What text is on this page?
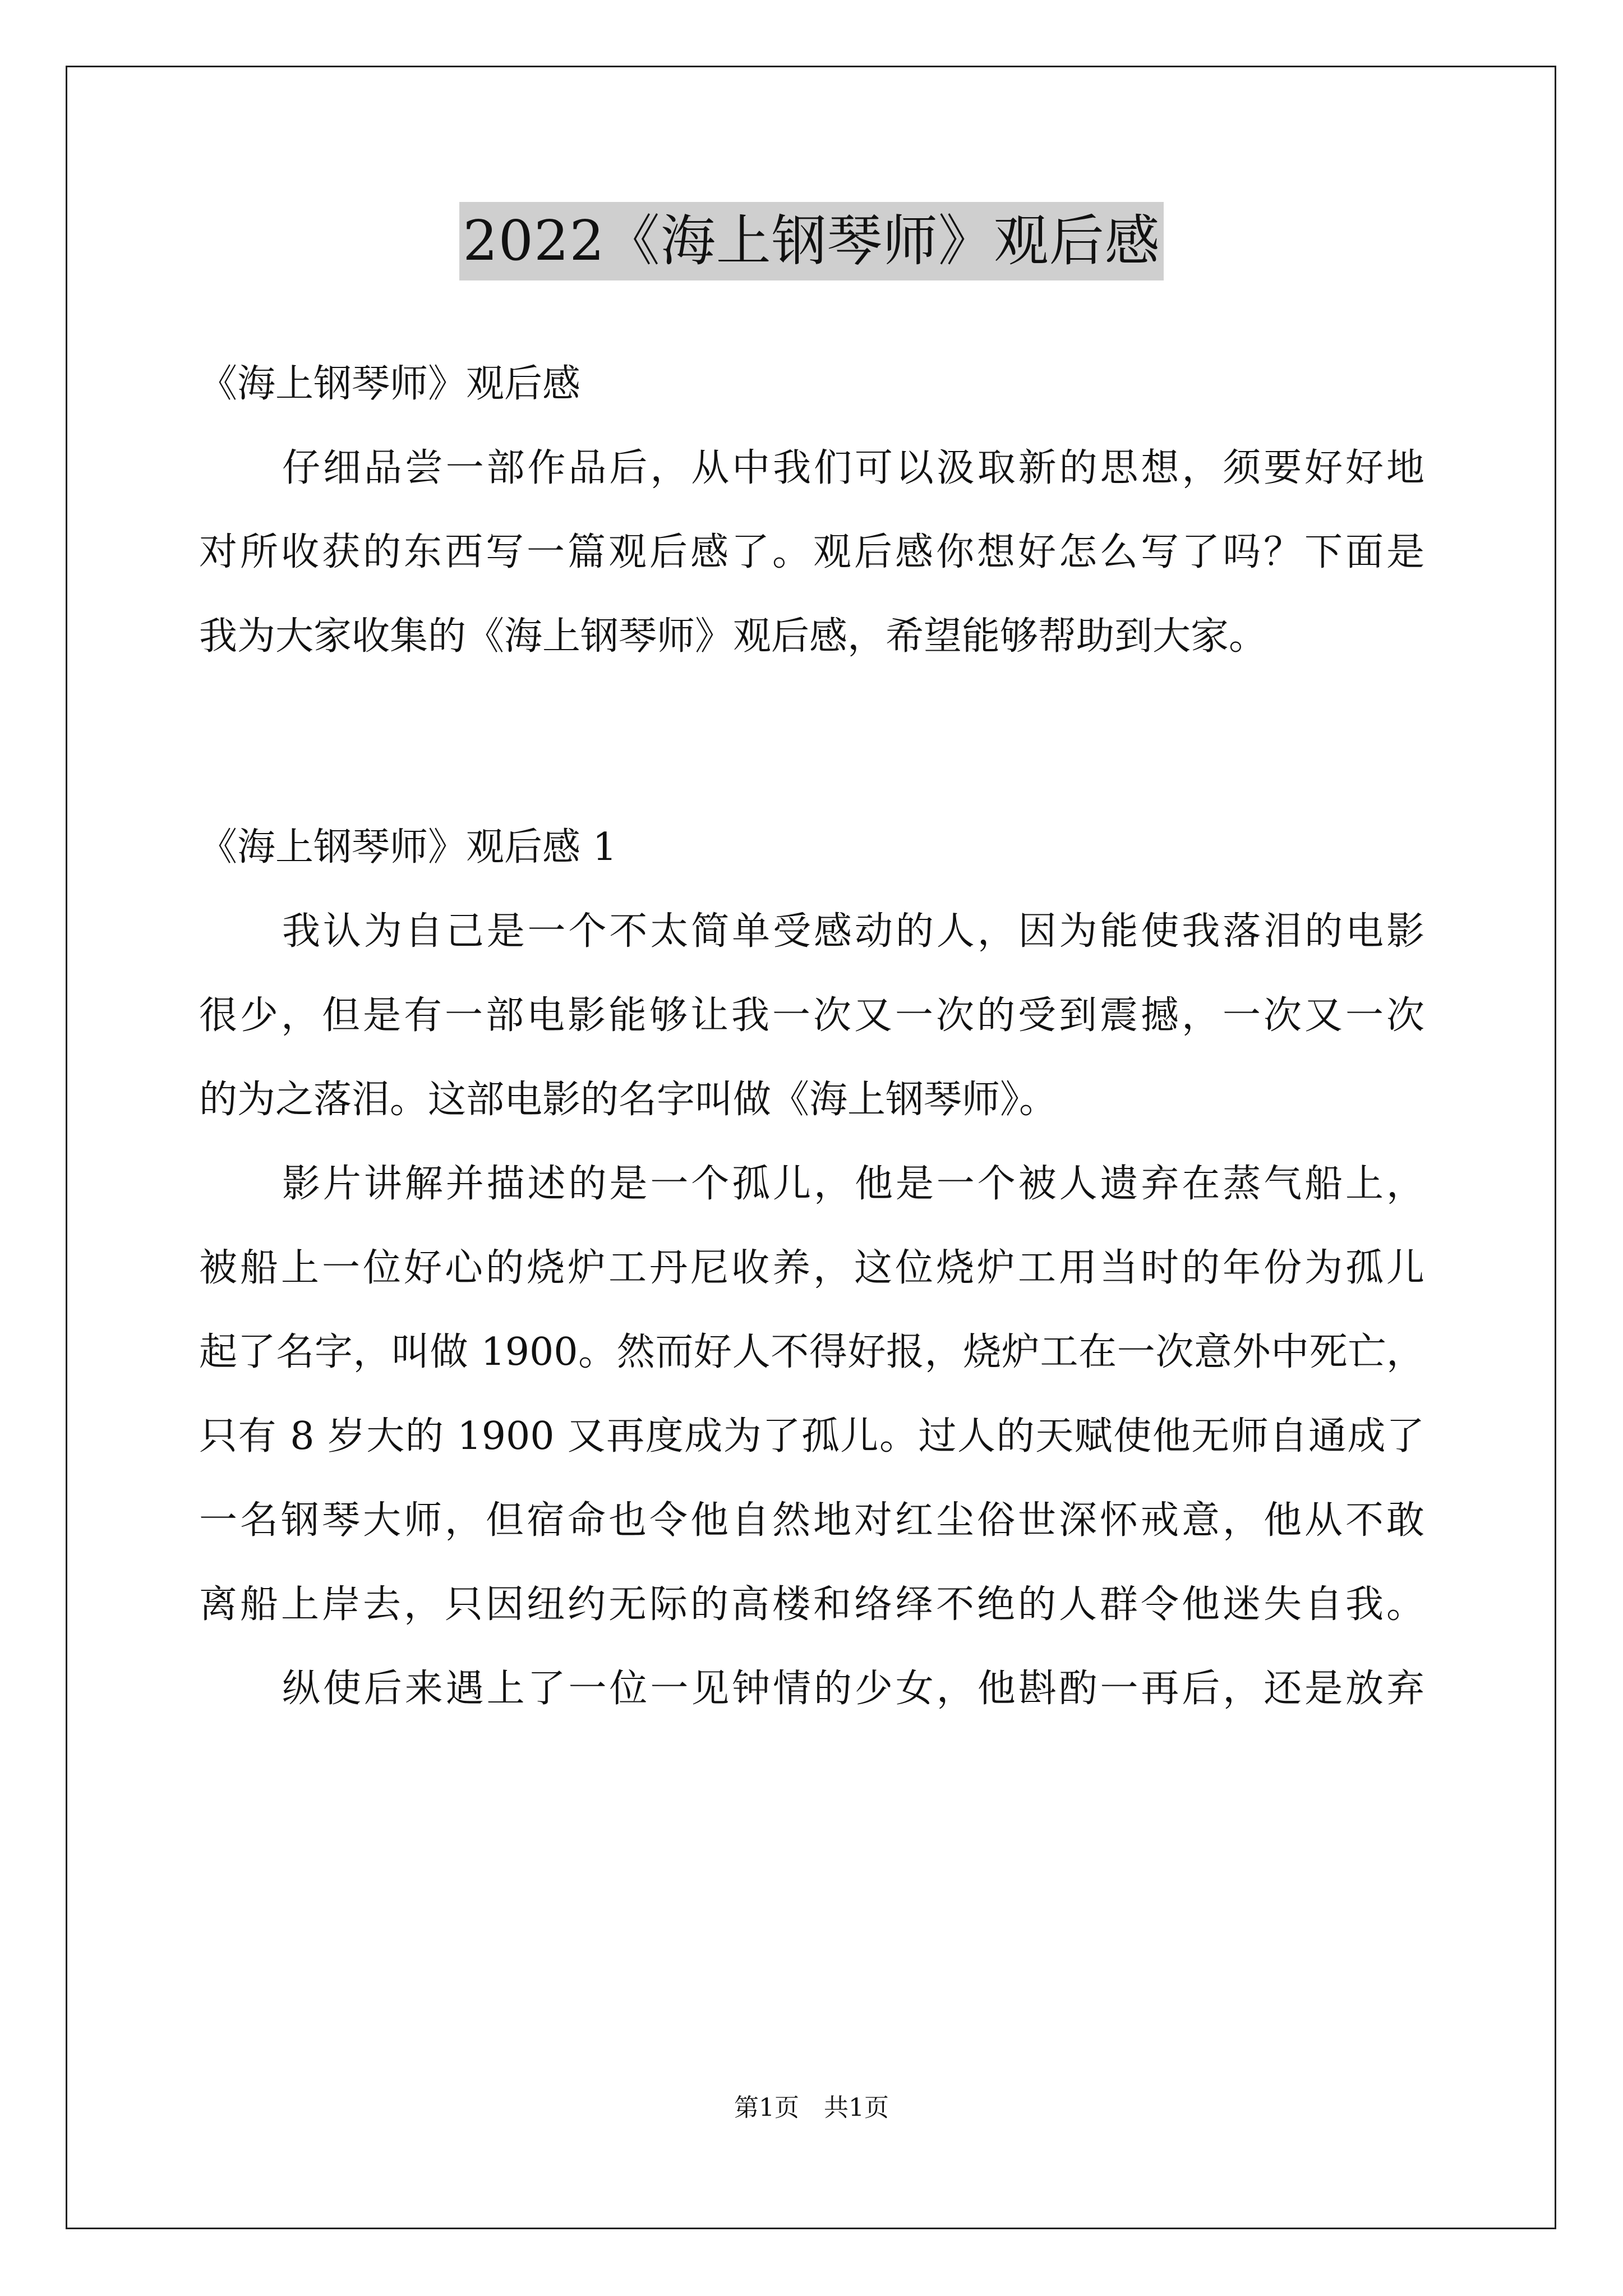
2022《海上钢琴师》观后感
《海上钢琴师》观后感
仔细品尝一部作品后，从中我们可以汲取新的思想，须要好好地
对所收获的东西写一篇观后感了。观后感你想好怎么写了吗？下面是
我为大家收集的《海上钢琴师》观后感，希望能够帮助到大家。
《海上钢琴师》观后感 1
我认为自己是一个不太简单受感动的人，因为能使我落泪的电影
很少，但是有一部电影能够让我一次又一次的受到震撼，一次又一次
的为之落泪。这部电影的名字叫做《海上钢琴师》。
影片讲解并描述的是一个孤儿，他是一个被人遗弃在蒸气船上，
被船上一位好心的烧炉工丹尼收养，这位烧炉工用当时的年份为孤儿
起了名字，叫做 1900。然而好人不得好报，烧炉工在一次意外中死亡，
只有 8 岁大的 1900 又再度成为了孤儿。过人的天赋使他无师自通成了
一名钢琴大师，但宿命也令他自然地对红尘俗世深怀戒意，他从不敢
离船上岸去，只因纽约无际的高楼和络绎不绝的人群令他迷失自我。
纵使后来遇上了一位一见钟情的少女，他斟酌一再后，还是放弃
第1页　共1页
